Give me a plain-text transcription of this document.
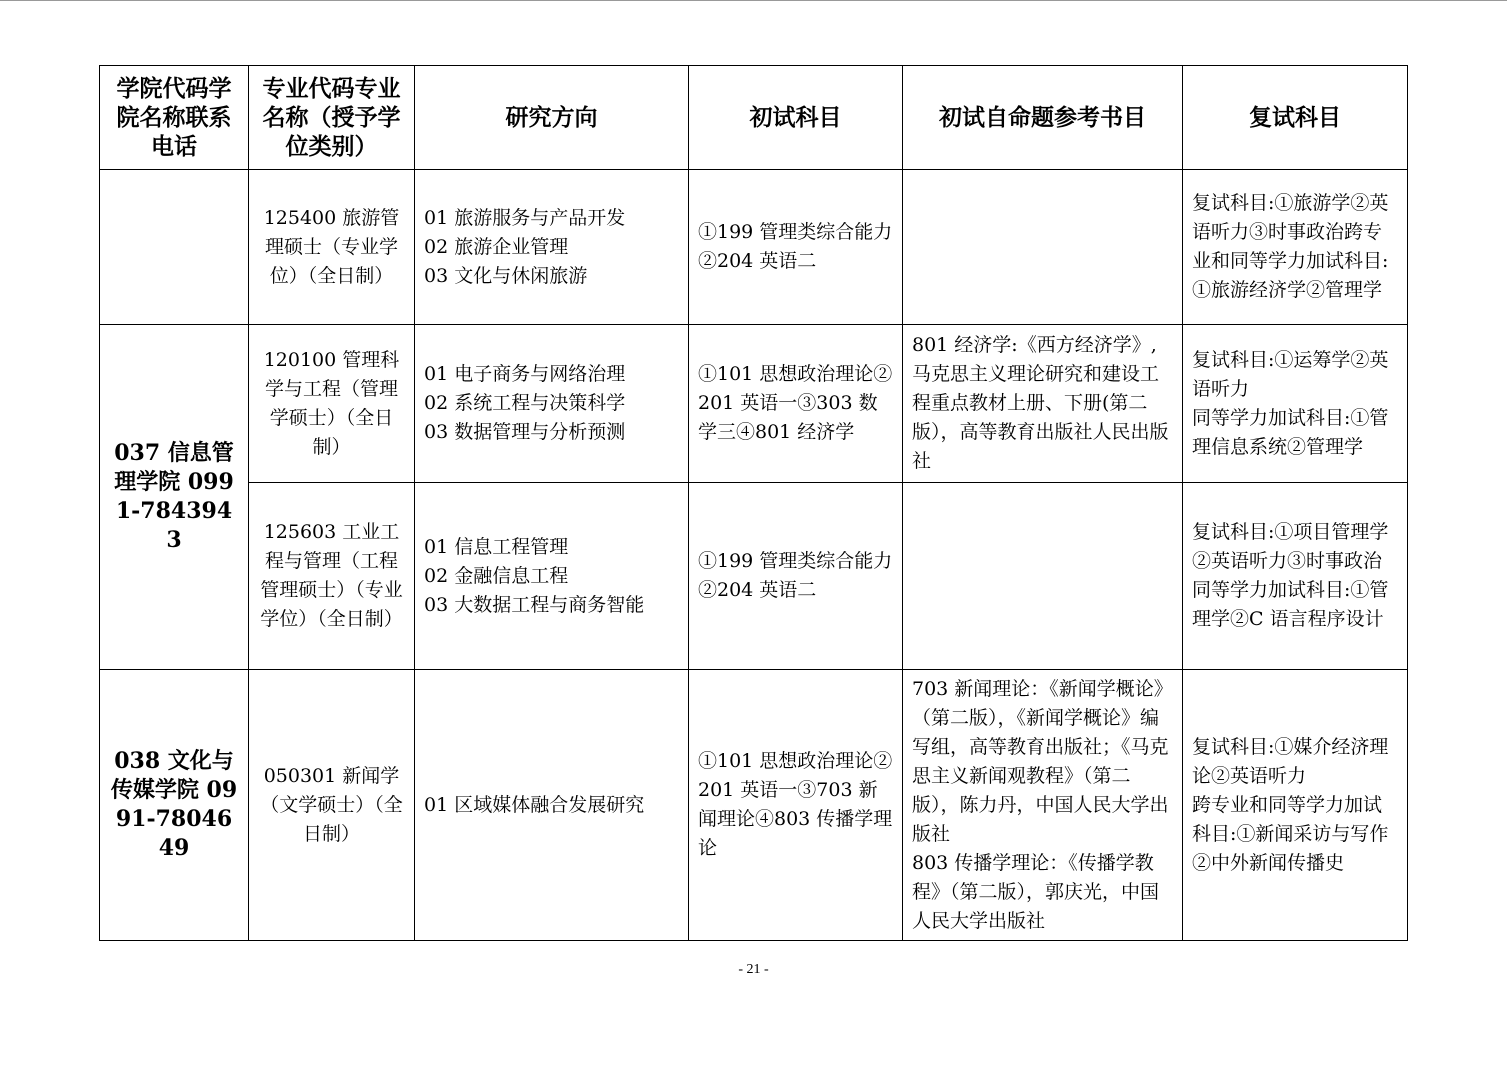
学院代码学院名称联系电话	专业代码专业名称（授予学位类别）	研究方向	初试科目	初试自命题参考书目	复试科目

	125400 旅游管理硕士（专业学位）（全日制）	01 旅游服务与产品开发
02 旅游企业管理
03 文化与休闲旅游	①199 管理类综合能力②204 英语二		复试科目:①旅游学②英语听力③时事政治跨专业和同等学力加试科目:①旅游经济学②管理学

037 信息管理学院 0991-7843943	120100 管理科学与工程（管理学硕士）（全日制）	01 电子商务与网络治理
02 系统工程与决策科学
03 数据管理与分析预测	①101 思想政治理论②201 英语一③303 数学三④801 经济学	801 经济学:《西方经济学》,马克思主义理论研究和建设工程重点教材上册、下册(第二版），高等教育出版社人民出版社	复试科目:①运筹学②英语听力
同等学力加试科目:①管理信息系统②管理学

	125603 工业工程与管理（工程管理硕士）（专业学位）（全日制）	01 信息工程管理
02 金融信息工程
03 大数据工程与商务智能	①199 管理类综合能力②204 英语二		复试科目:①项目管理学②英语听力③时事政治
同等学力加试科目:①管理学②C 语言程序设计

038 文化与传媒学院 0991-7804649	050301 新闻学（文学硕士）（全日制）	01 区域媒体融合发展研究	①101 思想政治理论②201 英语一③703 新闻理论④803 传播学理论	703 新闻理论：《新闻学概论》（第二版），《新闻学概论》编写组，高等教育出版社；《马克思主义新闻观教程》（第二版），陈力丹，中国人民大学出版社
803 传播学理论：《传播学教程》（第二版），郭庆光，中国人民大学出版社	复试科目:①媒介经济理论②英语听力
跨专业和同等学力加试科目:①新闻采访与写作②中外新闻传播史
- 21 -
